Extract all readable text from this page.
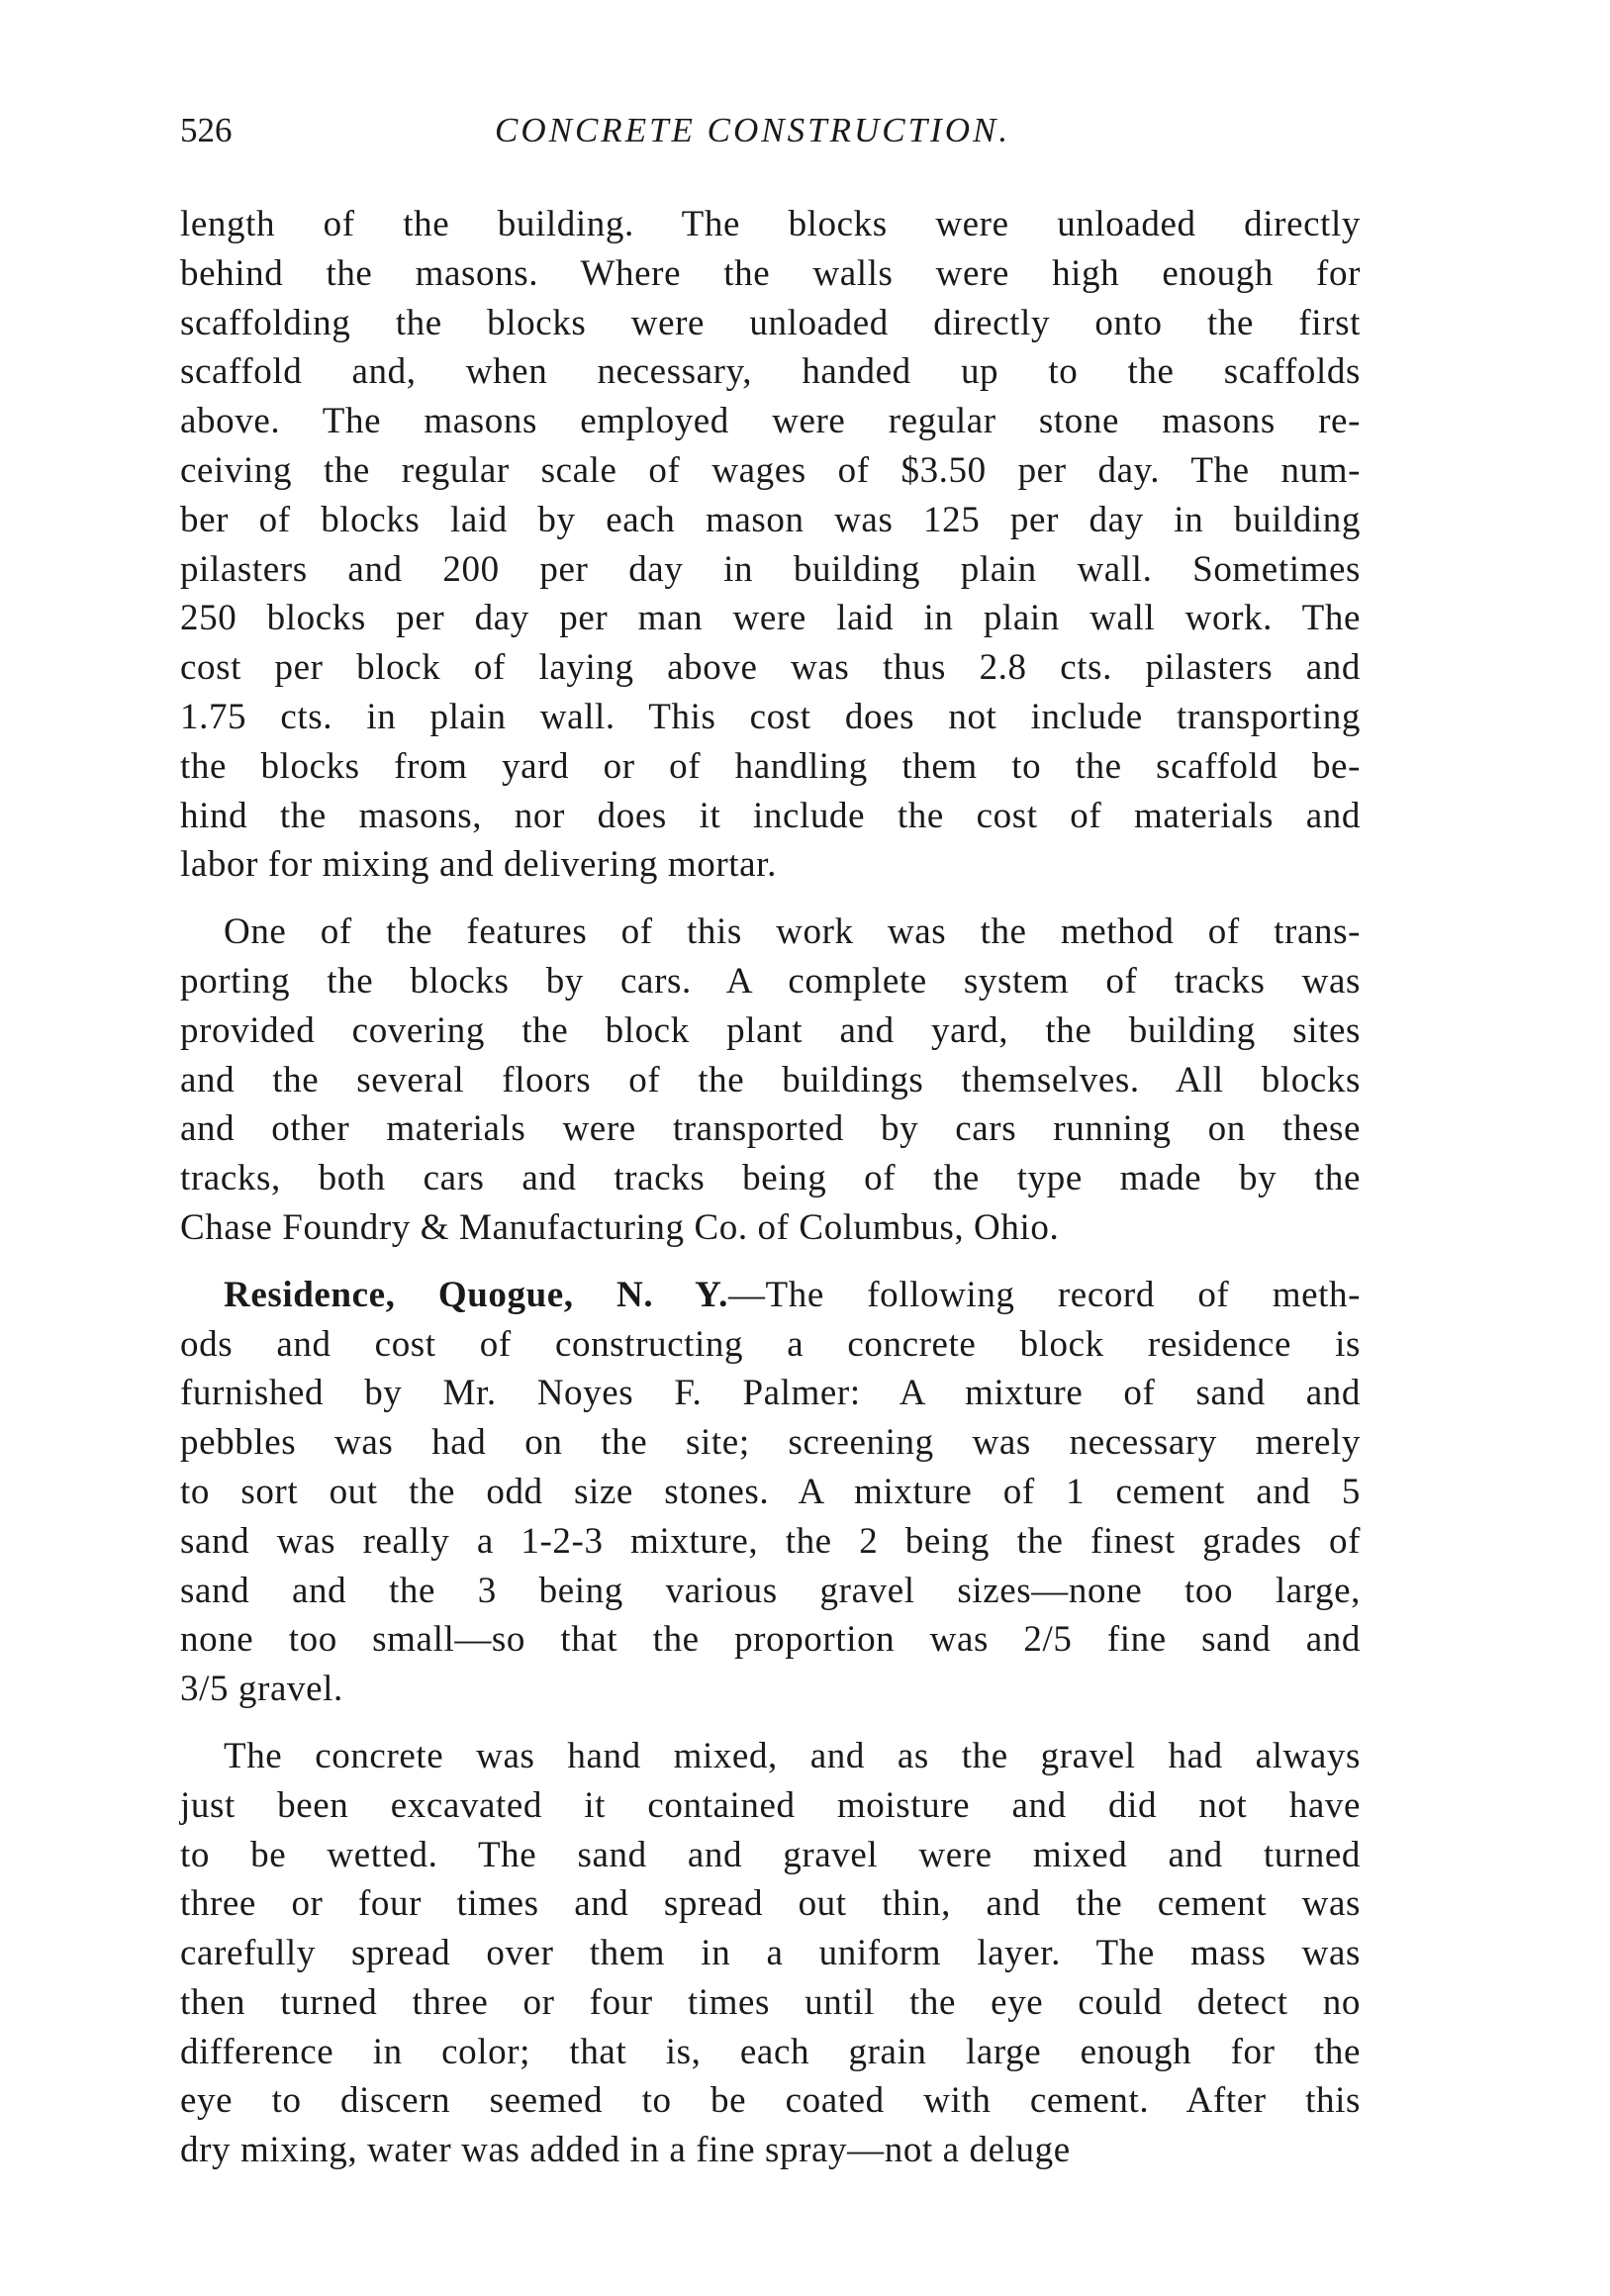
526	CONCRETE CONSTRUCTION.
length of the building. The blocks were unloaded directly
behind the masons. Where the walls were high enough for
scaffolding the blocks were unloaded directly onto the first
scaffold and, when necessary, handed up to the scaffolds
above. The masons employed were regular stone masons re-
ceiving the regular scale of wages of $3.50 per day. The num-
ber of blocks laid by each mason was 125 per day in building
pilasters and 200 per day in building plain wall. Sometimes
250 blocks per day per man were laid in plain wall work. The
cost per block of laying above was thus 2.8 cts. pilasters and
1.75 cts. in plain wall. This cost does not include transporting
the blocks from yard or of handling them to the scaffold be-
hind the masons, nor does it include the cost of materials and
labor for mixing and delivering mortar.
One of the features of this work was the method of trans-
porting the blocks by cars. A complete system of tracks was
provided covering the block plant and yard, the building sites
and the several floors of the buildings themselves. All blocks
and other materials were transported by cars running on these
tracks, both cars and tracks being of the type made by the
Chase Foundry & Manufacturing Co. of Columbus, Ohio.
Residence, Quogue, N. Y.—The following record of meth-
ods and cost of constructing a concrete block residence is
furnished by Mr. Noyes F. Palmer: A mixture of sand and
pebbles was had on the site; screening was necessary merely
to sort out the odd size stones. A mixture of 1 cement and 5
sand was really a 1-2-3 mixture, the 2 being the finest grades of
sand and the 3 being various gravel sizes—none too large,
none too small—so that the proportion was 2/5 fine sand and
3/5 gravel.
The concrete was hand mixed, and as the gravel had always
just been excavated it contained moisture and did not have
to be wetted. The sand and gravel were mixed and turned
three or four times and spread out thin, and the cement was
carefully spread over them in a uniform layer. The mass was
then turned three or four times until the eye could detect no
difference in color; that is, each grain large enough for the
eye to discern seemed to be coated with cement. After this
dry mixing, water was added in a fine spray—not a deluge
